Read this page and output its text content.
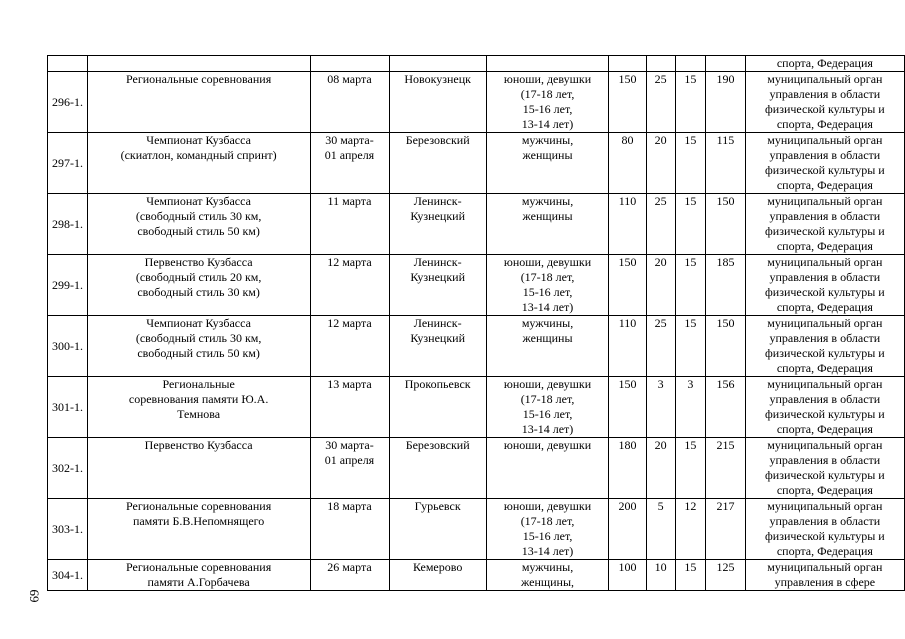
									спорта, Федерация
296-1.	Региональные соревнования	08 марта	Новокузнецк	юноши, девушки
(17-18 лет,
15-16 лет,
13-14 лет)	150	25	15	190	муниципальный орган
управления в области
физической культуры и
спорта, Федерация
297-1.	Чемпионат Кузбасса
(скиатлон, командный спринт)	30 марта-
01 апреля	Березовский	мужчины,
женщины	80	20	15	115	муниципальный орган
управления в области
физической культуры и
спорта, Федерация
298-1.	Чемпионат Кузбасса
(свободный стиль 30 км,
свободный стиль 50 км)	11 марта	Ленинск-
Кузнецкий	мужчины,
женщины	110	25	15	150	муниципальный орган
управления в области
физической культуры и
спорта, Федерация
299-1.	Первенство Кузбасса
(свободный стиль 20 км,
свободный стиль 30 км)	12 марта	Ленинск-
Кузнецкий	юноши, девушки
(17-18 лет,
15-16 лет,
13-14 лет)	150	20	15	185	муниципальный орган
управления в области
физической культуры и
спорта, Федерация
300-1.	Чемпионат Кузбасса
(свободный стиль 30 км,
свободный стиль 50 км)	12 марта	Ленинск-
Кузнецкий	мужчины,
женщины	110	25	15	150	муниципальный орган
управления в области
физической культуры и
спорта, Федерация
301-1.	Региональные
соревнования памяти Ю.А.
Темнова	13 марта	Прокопьевск	юноши, девушки
(17-18 лет,
15-16 лет,
13-14 лет)	150	3	3	156	муниципальный орган
управления в области
физической культуры и
спорта, Федерация
302-1.	Первенство Кузбасса	30 марта-
01 апреля	Березовский	юноши, девушки	180	20	15	215	муниципальный орган
управления в области
физической культуры и
спорта, Федерация
303-1.	Региональные соревнования
памяти Б.В.Непомнящего	18 марта	Гурьевск	юноши, девушки
(17-18 лет,
15-16 лет,
13-14 лет)	200	5	12	217	муниципальный орган
управления в области
физической культуры и
спорта, Федерация
304-1.	Региональные соревнования
памяти А.Горбачева	26 марта	Кемерово	мужчины,
женщины,	100	10	15	125	муниципальный орган
управления в сфере
69
